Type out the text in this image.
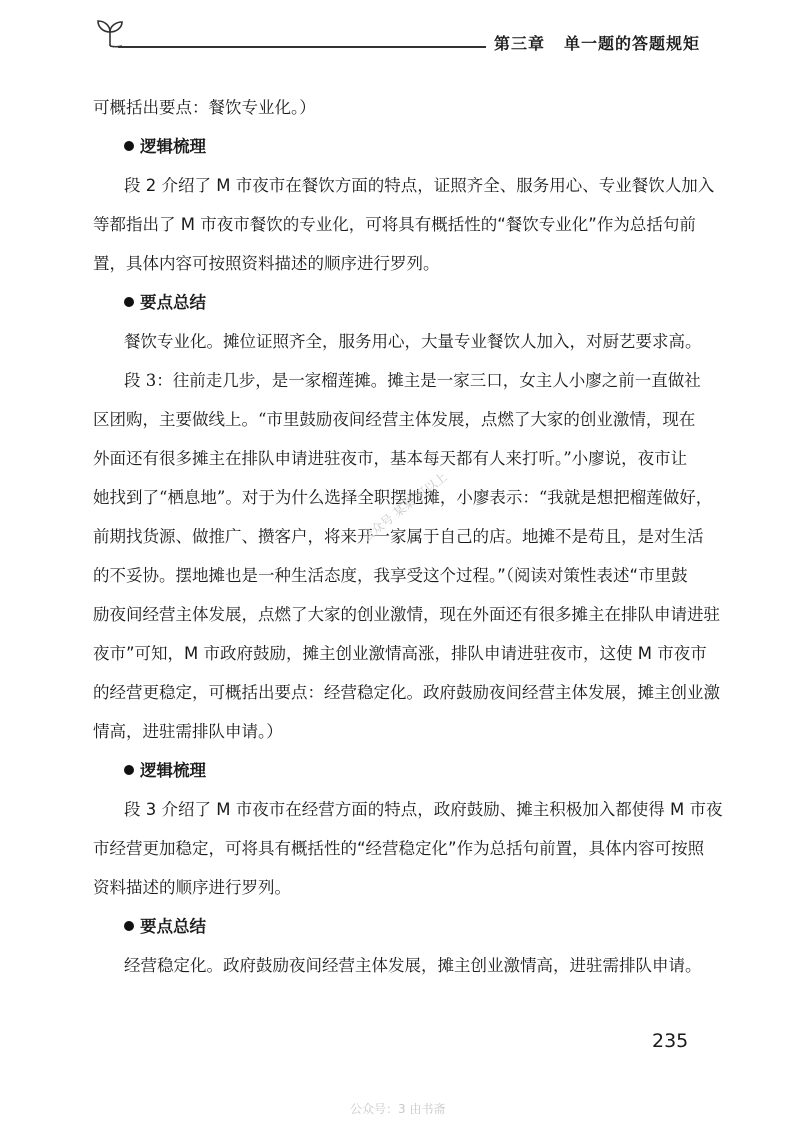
第三章 单一题的答题规矩
可概括出要点：餐饮专业化。）
逻辑梳理
段 2 介绍了 M 市夜市在餐饮方面的特点，证照齐全、服务用心、专业餐饮人加入
等都指出了 M 市夜市餐饮的专业化，可将具有概括性的“餐饮专业化”作为总括句前
置，具体内容可按照资料描述的顺序进行罗列。
要点总结
餐饮专业化。摊位证照齐全，服务用心，大量专业餐饮人加入，对厨艺要求高。
段 3：往前走几步，是一家榴莲摊。摊主是一家三口，女主人小廖之前一直做社
区团购，主要做线上。“市里鼓励夜间经营主体发展，点燃了大家的创业激情，现在
外面还有很多摊主在排队申请进驻夜市，基本每天都有人来打听。”小廖说，夜市让
她找到了“栖息地”。对于为什么选择全职摆地摊，小廖表示：“我就是想把榴莲做好，
前期找货源、做推广、攒客户，将来开一家属于自己的店。地摊不是苟且，是对生活
的不妥协。摆地摊也是一种生活态度，我享受这个过程。”（阅读对策性表述“市里鼓
励夜间经营主体发展，点燃了大家的创业激情，现在外面还有很多摊主在排队申请进驻
夜市”可知，M 市政府鼓励，摊主创业激情高涨，排队申请进驻夜市，这使 M 市夜市
的经营更稳定，可概括出要点：经营稳定化。政府鼓励夜间经营主体发展，摊主创业激
情高，进驻需排队申请。）
逻辑梳理
段 3 介绍了 M 市夜市在经营方面的特点，政府鼓励、摊主积极加入都使得 M 市夜
市经营更加稳定，可将具有概括性的“经营稳定化”作为总括句前置，具体内容可按照
资料描述的顺序进行罗列。
要点总结
经营稳定化。政府鼓励夜间经营主体发展，摊主创业激情高，进驻需排队申请。
235
公众号 某某 可以上
公众号：3 由书斋
